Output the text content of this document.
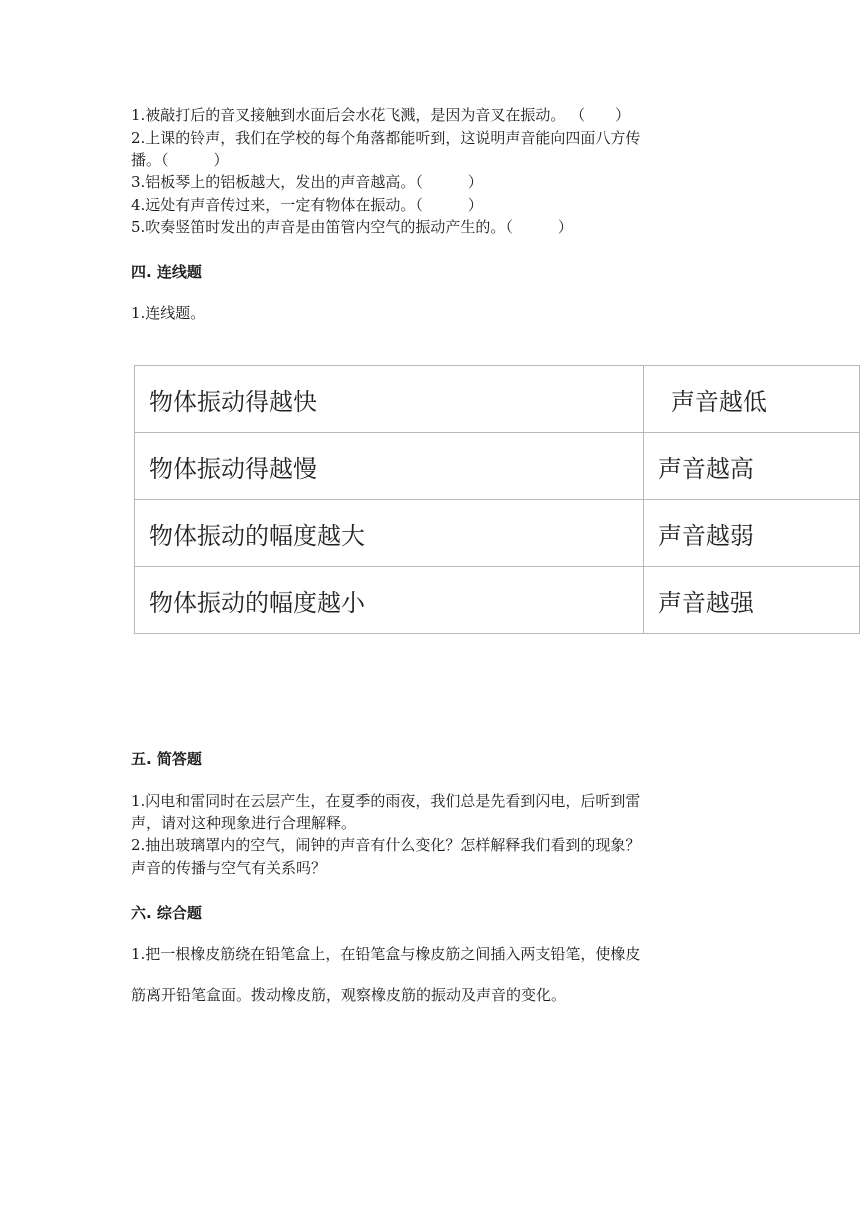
1.被敲打后的音叉接触到水面后会水花飞溅，是因为音叉在振动。 （　　）
2.上课的铃声，我们在学校的每个角落都能听到，这说明声音能向四面八方传
播。（　　　）
3.铝板琴上的铝板越大，发出的声音越高。（　　　）
4.远处有声音传过来，一定有物体在振动。（　　　）
5.吹奏竖笛时发出的声音是由笛管内空气的振动产生的。（　　　）
四. 连线题
1.连线题。
物体振动得越快	声音越低
物体振动得越慢	声音越高
物体振动的幅度越大	声音越弱
物体振动的幅度越小	声音越强
五. 简答题
1.闪电和雷同时在云层产生，在夏季的雨夜，我们总是先看到闪电，后听到雷
声，请对这种现象进行合理解释。
2.抽出玻璃罩内的空气，闹钟的声音有什么变化？怎样解释我们看到的现象？
声音的传播与空气有关系吗？
六. 综合题
1.把一根橡皮筋绕在铅笔盒上，在铅笔盒与橡皮筋之间插入两支铅笔，使橡皮
筋离开铅笔盒面。拨动橡皮筋，观察橡皮筋的振动及声音的变化。
